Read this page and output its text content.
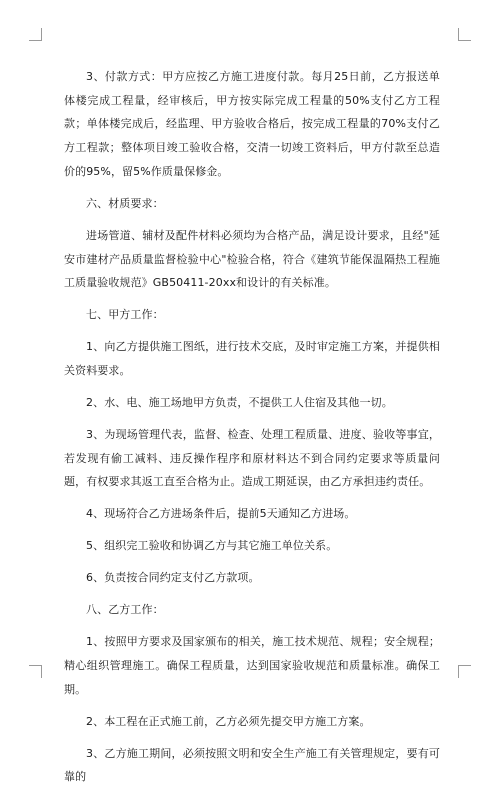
3、付款方式：甲方应按乙方施工进度付款。每月25日前，乙方报送单体楼完成工程量，经审核后，甲方按实际完成工程量的50%支付乙方工程款；单体楼完成后，经监理、甲方验收合格后，按完成工程量的70%支付乙方工程款；整体项目竣工验收合格，交清一切竣工资料后，甲方付款至总造价的95%，留5%作质量保修金。

六、材质要求：

进场管道、辅材及配件材料必须均为合格产品，满足设计要求，且经"延安市建材产品质量监督检验中心"检验合格，符合《建筑节能保温隔热工程施工质量验收规范》GB50411-20xx和设计的有关标准。

七、甲方工作：

1、向乙方提供施工图纸，进行技术交底，及时审定施工方案，并提供相关资料要求。

2、水、电、施工场地甲方负责，不提供工人住宿及其他一切。

3、为现场管理代表，监督、检查、处理工程质量、进度、验收等事宜，若发现有偷工减料、违反操作程序和原材料达不到合同约定要求等质量问题，有权要求其返工直至合格为止。造成工期延误，由乙方承担违约责任。

4、现场符合乙方进场条件后，提前5天通知乙方进场。

5、组织完工验收和协调乙方与其它施工单位关系。

6、负责按合同约定支付乙方款项。

八、乙方工作：

1、按照甲方要求及国家颁布的相关，施工技术规范、规程；安全规程；精心组织管理施工。确保工程质量，达到国家验收规范和质量标准。确保工期。

2、本工程在正式施工前，乙方必须先提交甲方施工方案。

3、乙方施工期间，必须按照文明和安全生产施工有关管理规定，要有可靠的
